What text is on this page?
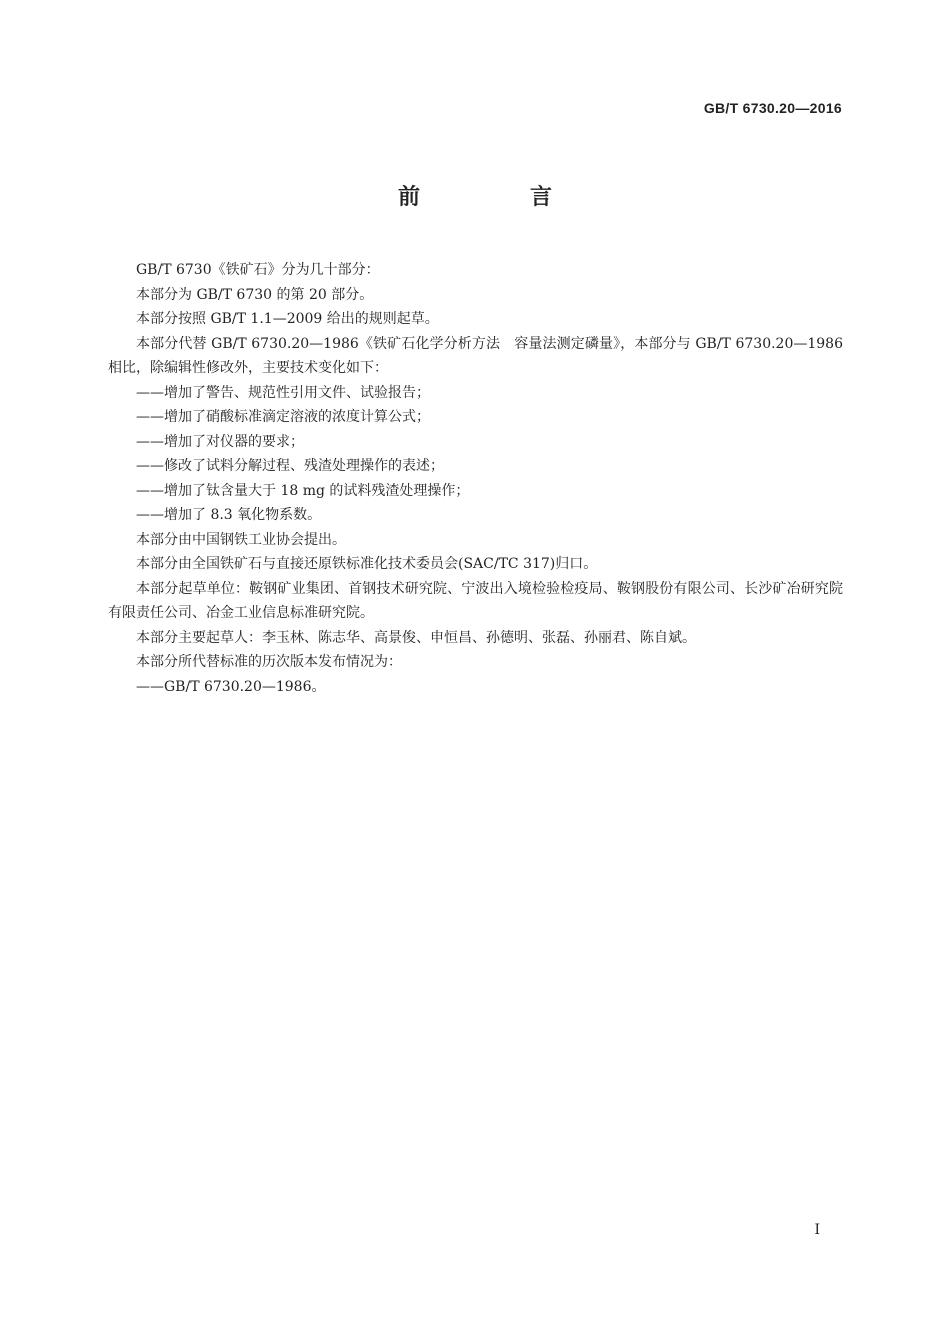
GB/T 6730.20—2016
前　言

GB/T 6730《铁矿石》分为几十部分：

本部分为 GB/T 6730 的第 20 部分。

本部分按照 GB/T 1.1—2009 给出的规则起草。

本部分代替 GB/T 6730.20—1986《铁矿石化学分析方法　容量法测定磷量》，本部分与 GB/T 6730.20—1986相比，除编辑性修改外，主要技术变化如下：

——增加了警告、规范性引用文件、试验报告；

——增加了硝酸标准滴定溶液的浓度计算公式；

——增加了对仪器的要求；

——修改了试料分解过程、残渣处理操作的表述；

——增加了钛含量大于 18 mg 的试料残渣处理操作；

——增加了 8.3 氧化物系数。

本部分由中国钢铁工业协会提出。

本部分由全国铁矿石与直接还原铁标准化技术委员会(SAC/TC 317)归口。

本部分起草单位：鞍钢矿业集团、首钢技术研究院、宁波出入境检验检疫局、鞍钢股份有限公司、长沙矿冶研究院有限责任公司、冶金工业信息标准研究院。

本部分主要起草人：李玉林、陈志华、高景俊、申恒昌、孙德明、张磊、孙丽君、陈自斌。

本部分所代替标准的历次版本发布情况为：

——GB/T 6730.20—1986。

I
